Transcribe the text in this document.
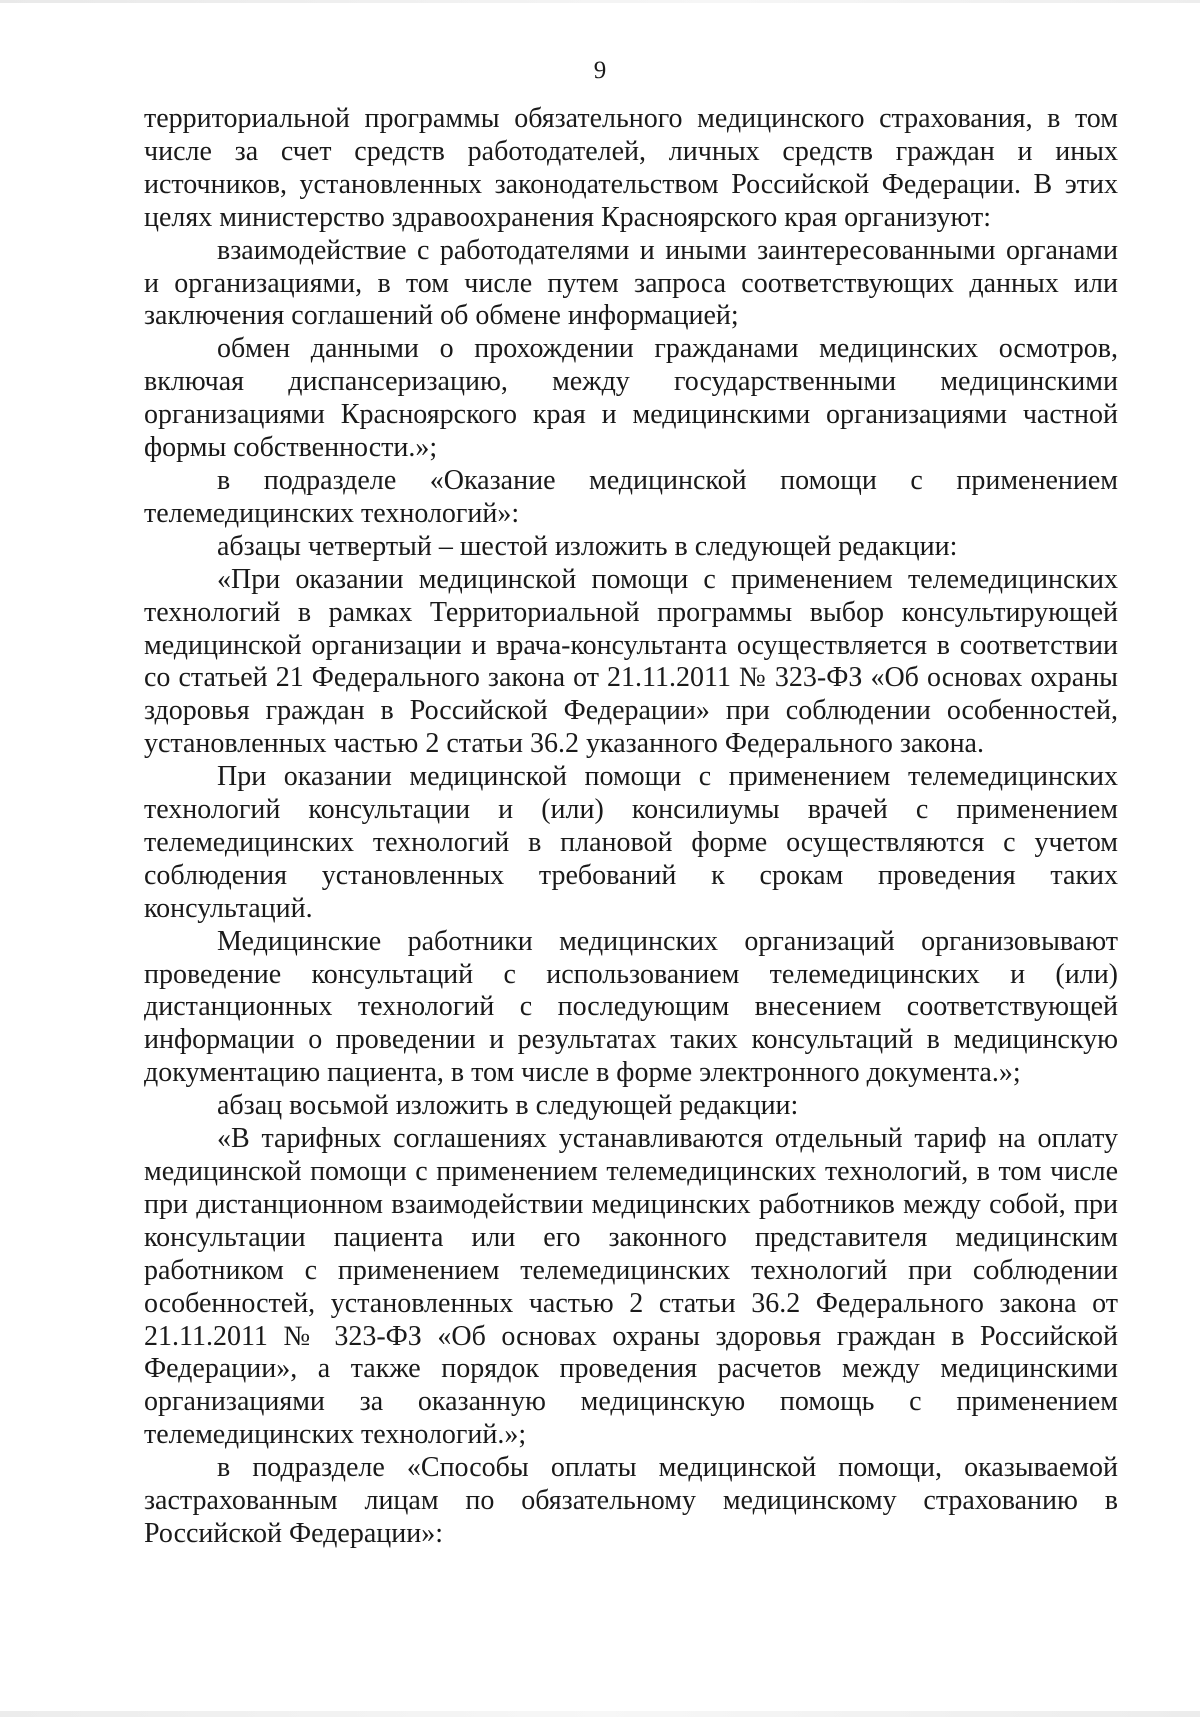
9

территориальной программы обязательного медицинского страхования, в том числе за счет средств работодателей, личных средств граждан и иных источников, установленных законодательством Российской Федерации. В этих целях министерство здравоохранения Красноярского края организуют:

взаимодействие с работодателями и иными заинтересованными органами и организациями, в том числе путем запроса соответствующих данных или заключения соглашений об обмене информацией;

обмен данными о прохождении гражданами медицинских осмотров, включая диспансеризацию, между государственными медицинскими организациями Красноярского края и медицинскими организациями частной формы собственности.»;

в подразделе «Оказание медицинской помощи с применением телемедицинских технологий»:

абзацы четвертый – шестой изложить в следующей редакции:

«При оказании медицинской помощи с применением телемедицинских технологий в рамках Территориальной программы выбор консультирующей медицинской организации и врача-консультанта осуществляется в соответствии со статьей 21 Федерального закона от 21.11.2011 № 323-ФЗ «Об основах охраны здоровья граждан в Российской Федерации» при соблюдении особенностей, установленных частью 2 статьи 36.2 указанного Федерального закона.

При оказании медицинской помощи с применением телемедицинских технологий консультации и (или) консилиумы врачей с применением телемедицинских технологий в плановой форме осуществляются с учетом соблюдения установленных требований к срокам проведения таких консультаций.

Медицинские работники медицинских организаций организовывают проведение консультаций с использованием телемедицинских и (или) дистанционных технологий с последующим внесением соответствующей информации о проведении и результатах таких консультаций в медицинскую документацию пациента, в том числе в форме электронного документа.»;

абзац восьмой изложить в следующей редакции:

«В тарифных соглашениях устанавливаются отдельный тариф на оплату медицинской помощи с применением телемедицинских технологий, в том числе при дистанционном взаимодействии медицинских работников между собой, при консультации пациента или его законного представителя медицинским работником с применением телемедицинских технологий при соблюдении особенностей, установленных частью 2 статьи 36.2 Федерального закона от 21.11.2011 № 323-ФЗ «Об основах охраны здоровья граждан в Российской Федерации», а также порядок проведения расчетов между медицинскими организациями за оказанную медицинскую помощь с применением телемедицинских технологий.»;

в подразделе «Способы оплаты медицинской помощи, оказываемой застрахованным лицам по обязательному медицинскому страхованию в Российской Федерации»:
